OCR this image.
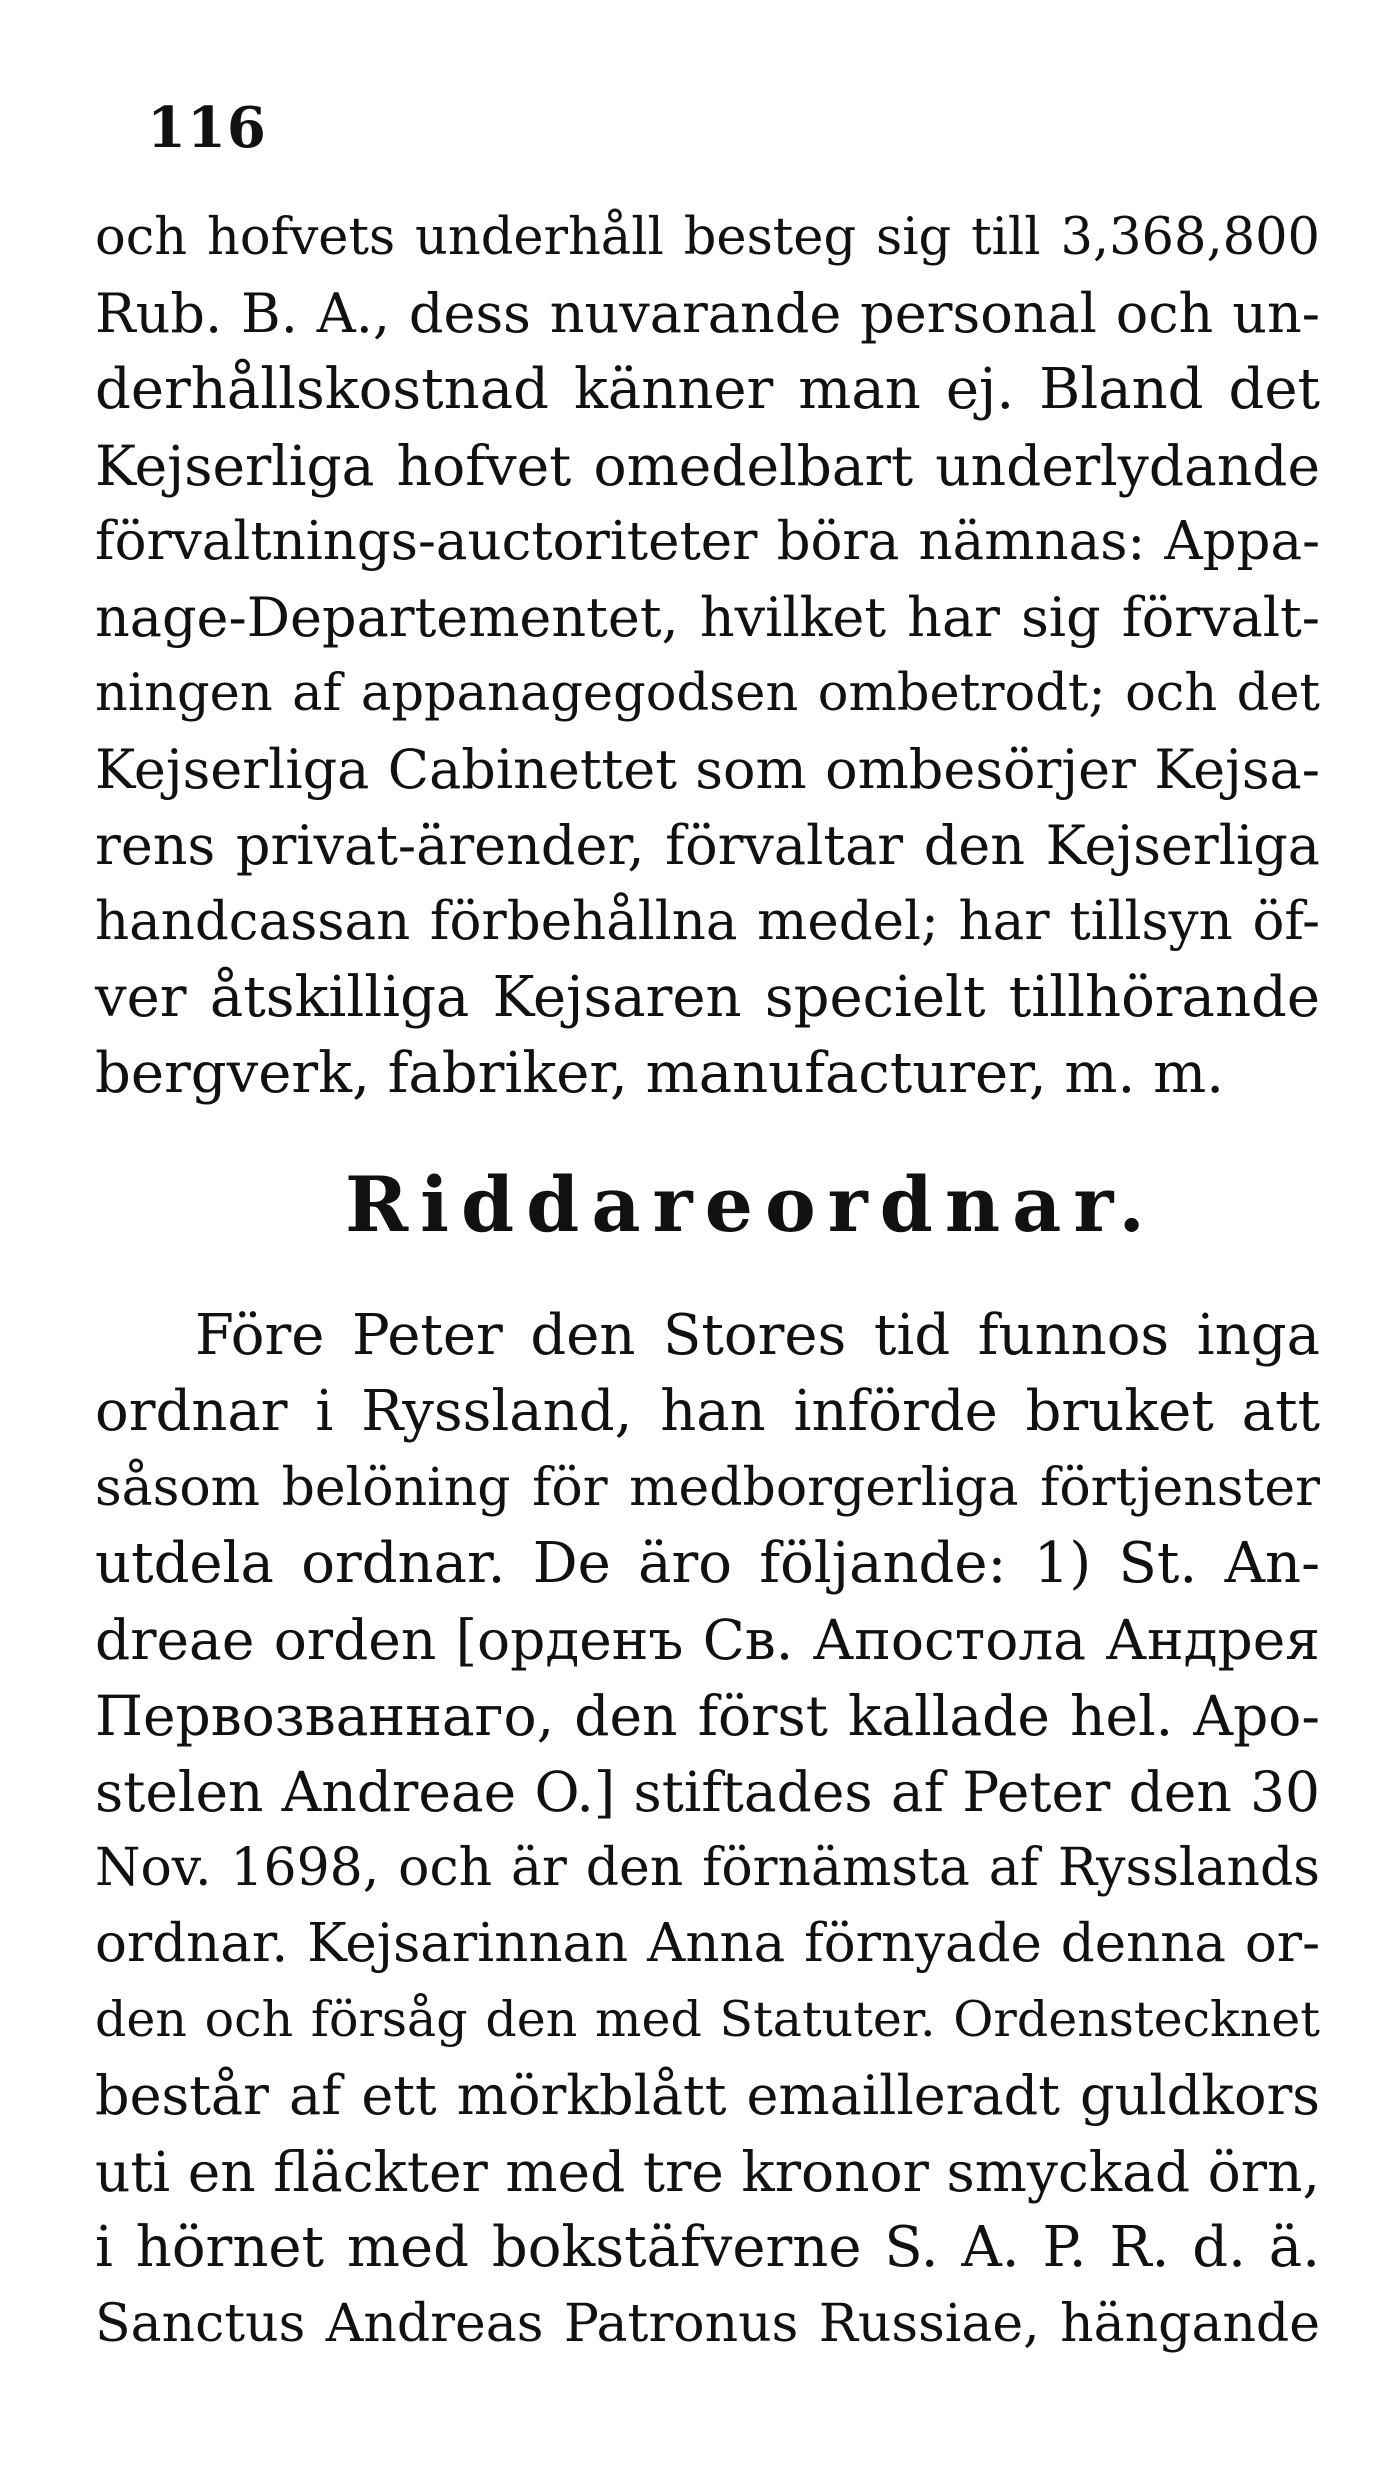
116
och hofvets underhåll besteg sig till 3,368,800
Rub. B. A., dess nuvarande personal och un-
derhållskostnad känner man ej. Bland det
Kejserliga hofvet omedelbart underlydande
förvaltnings-auctoriteter böra nämnas: Appa-
nage-Departementet, hvilket har sig förvalt-
ningen af appanagegodsen ombetrodt; och det
Kejserliga Cabinettet som ombesörjer Kejsa-
rens privat-ärender, förvaltar den Kejserliga
handcassan förbehållna medel; har tillsyn öf-
ver åtskilliga Kejsaren specielt tillhörande
bergverk, fabriker, manufacturer, m. m.
Riddareordnar.
Före Peter den Stores tid funnos inga
ordnar i Ryssland, han införde bruket att
såsom belöning för medborgerliga förtjenster
utdela ordnar. De äro följande: 1) St. An-
dreae orden [орденъ Св. Апостола Андрея
Первозваннаго, den först kallade hel. Apo-
stelen Andreae O.] stiftades af Peter den 30
Nov. 1698, och är den förnämsta af Rysslands
ordnar. Kejsarinnan Anna förnyade denna or-
den och försåg den med Statuter. Ordenstecknet
består af ett mörkblått emailleradt guldkors
uti en fläckter med tre kronor smyckad örn,
i hörnet med bokstäfverne S. A. P. R. d. ä.
Sanctus Andreas Patronus Russiae, hängande
